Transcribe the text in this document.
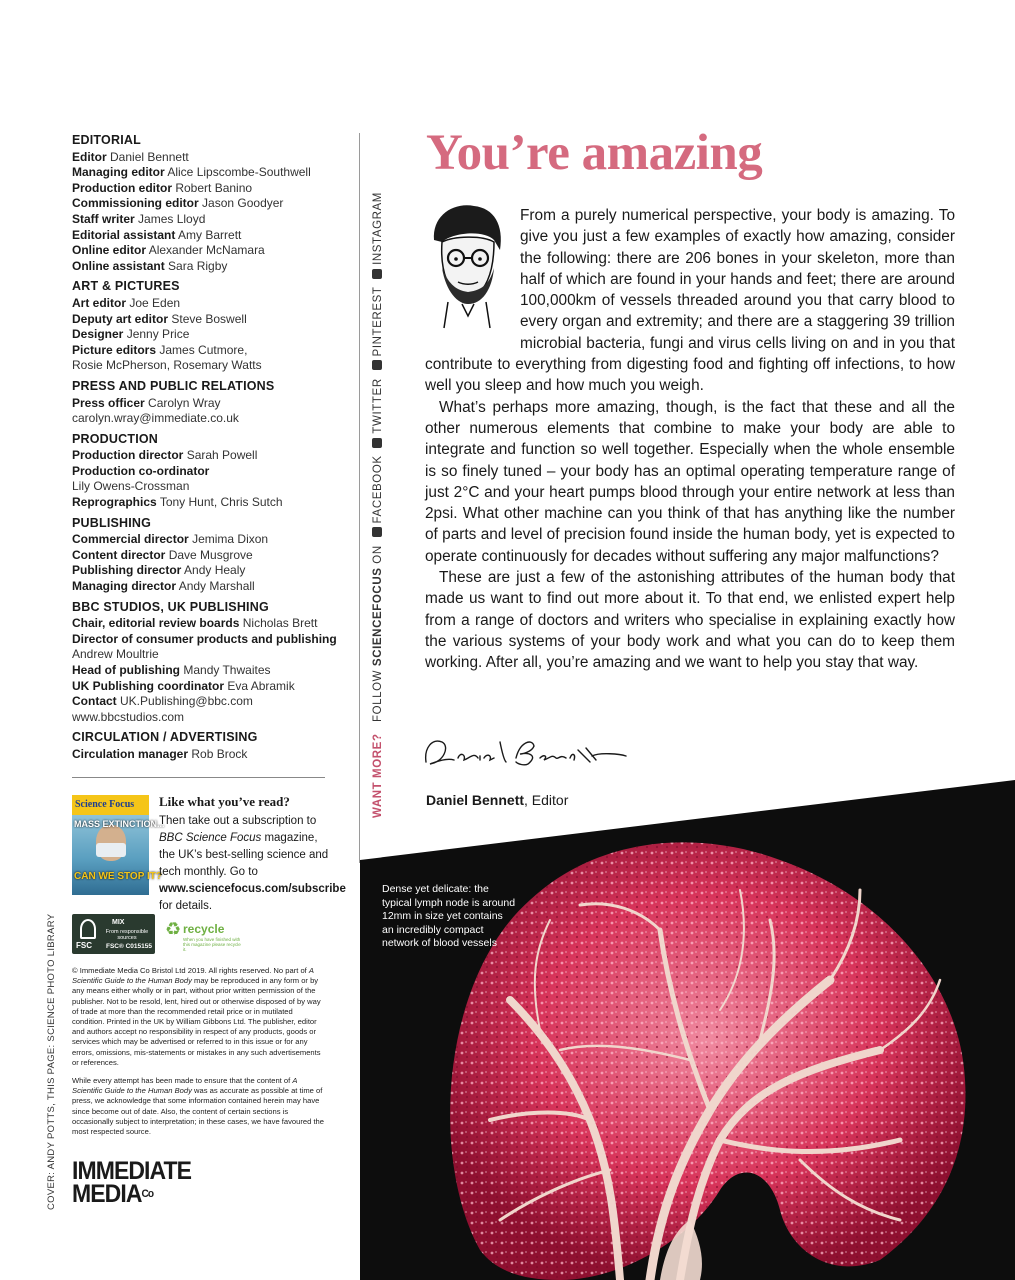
EDITORIAL
Editor Daniel Bennett
Managing editor Alice Lipscombe-Southwell
Production editor Robert Banino
Commissioning editor Jason Goodyer
Staff writer James Lloyd
Editorial assistant Amy Barrett
Online editor Alexander McNamara
Online assistant Sara Rigby
ART & PICTURES
Art editor Joe Eden
Deputy art editor Steve Boswell
Designer Jenny Price
Picture editors James Cutmore,
Rosie McPherson, Rosemary Watts
PRESS AND PUBLIC RELATIONS
Press officer Carolyn Wray
carolyn.wray@immediate.co.uk
PRODUCTION
Production director Sarah Powell
Production co-ordinator
Lily Owens-Crossman
Reprographics Tony Hunt, Chris Sutch
PUBLISHING
Commercial director Jemima Dixon
Content director Dave Musgrove
Publishing director Andy Healy
Managing director Andy Marshall
BBC STUDIOS, UK PUBLISHING
Chair, editorial review boards Nicholas Brett
Director of consumer products and publishing
Andrew Moultrie
Head of publishing Mandy Thwaites
UK Publishing coordinator Eva Abramik
Contact UK.Publishing@bbc.com
www.bbcstudios.com
CIRCULATION / ADVERTISING
Circulation manager Rob Brock
Science Focus
MASS EXTINCTION...
CAN WE STOP IT?
Like what you’ve read?
Then take out a subscription to BBC Science Focus magazine, the UK’s best-selling science and tech monthly. Go to www.sciencefocus.com/subscribe for details.
FSC
MIX
From responsible sources
FSC® C015155
♻ recycle
When you have finished with this magazine please recycle it.

© Immediate Media Co Bristol Ltd 2019. All rights reserved. No part of A Scientific Guide to the Human Body may be reproduced in any form or by any means either wholly or in part, without prior written permission of the publisher. Not to be resold, lent, hired out or otherwise disposed of by way of trade at more than the recommended retail price or in mutilated condition. Printed in the UK by William Gibbons Ltd. The publisher, editor and authors accept no responsibility in respect of any products, goods or services which may be advertised or referred to in this issue or for any errors, omissions, mis-statements or mistakes in any such advertisements or references.

While every attempt has been made to ensure that the content of A Scientific Guide to the Human Body was as accurate as possible at time of press, we acknowledge that some information contained herein may have since become out of date. Also, the content of certain sections is occasionally subject to interpretation; in these cases, we have favoured the most respected source.

IMMEDIATE
$MEDIA^{Co}$
COVER: ANDY POTTS, THIS PAGE: SCIENCE PHOTO LIBRARY
WANT MORE?   FOLLOW SCIENCEFOCUS ON FACEBOOK TWITTER PINTEREST INSTAGRAM
You’re amazing

From a purely numerical perspective, your body is amazing. To give you just a few examples of exactly how amazing, consider the following: there are 206 bones in your skeleton, more than half of which are found in your hands and feet; there are around 100,000km of vessels threaded around you that carry blood to every organ and extremity; and there are a staggering 39 trillion microbial bacteria, fungi and virus cells living on and in you that contribute to everything from digesting food and fighting off infections, to how well you sleep and how much you weigh.

What’s perhaps more amazing, though, is the fact that these and all the other numerous elements that combine to make your body are able to integrate and function so well together. Especially when the whole ensemble is so finely tuned – your body has an optimal operating temperature range of just 2°C and your heart pumps blood through your entire network at less than 2psi. What other machine can you think of that has anything like the number of parts and level of precision found inside the human body, yet is expected to operate continuously for decades without suffering any major malfunctions?

These are just a few of the astonishing attributes of the human body that made us want to find out more about it. To that end, we enlisted expert help from a range of doctors and writers who specialise in explaining exactly how the various systems of your body work and what you can do to keep them working. After all, you’re amazing and we want to help you stay that way.

Daniel Bennett, Editor
Dense yet delicate: the typical lymph node is around 12mm in size yet contains an incredibly compact network of blood vessels
